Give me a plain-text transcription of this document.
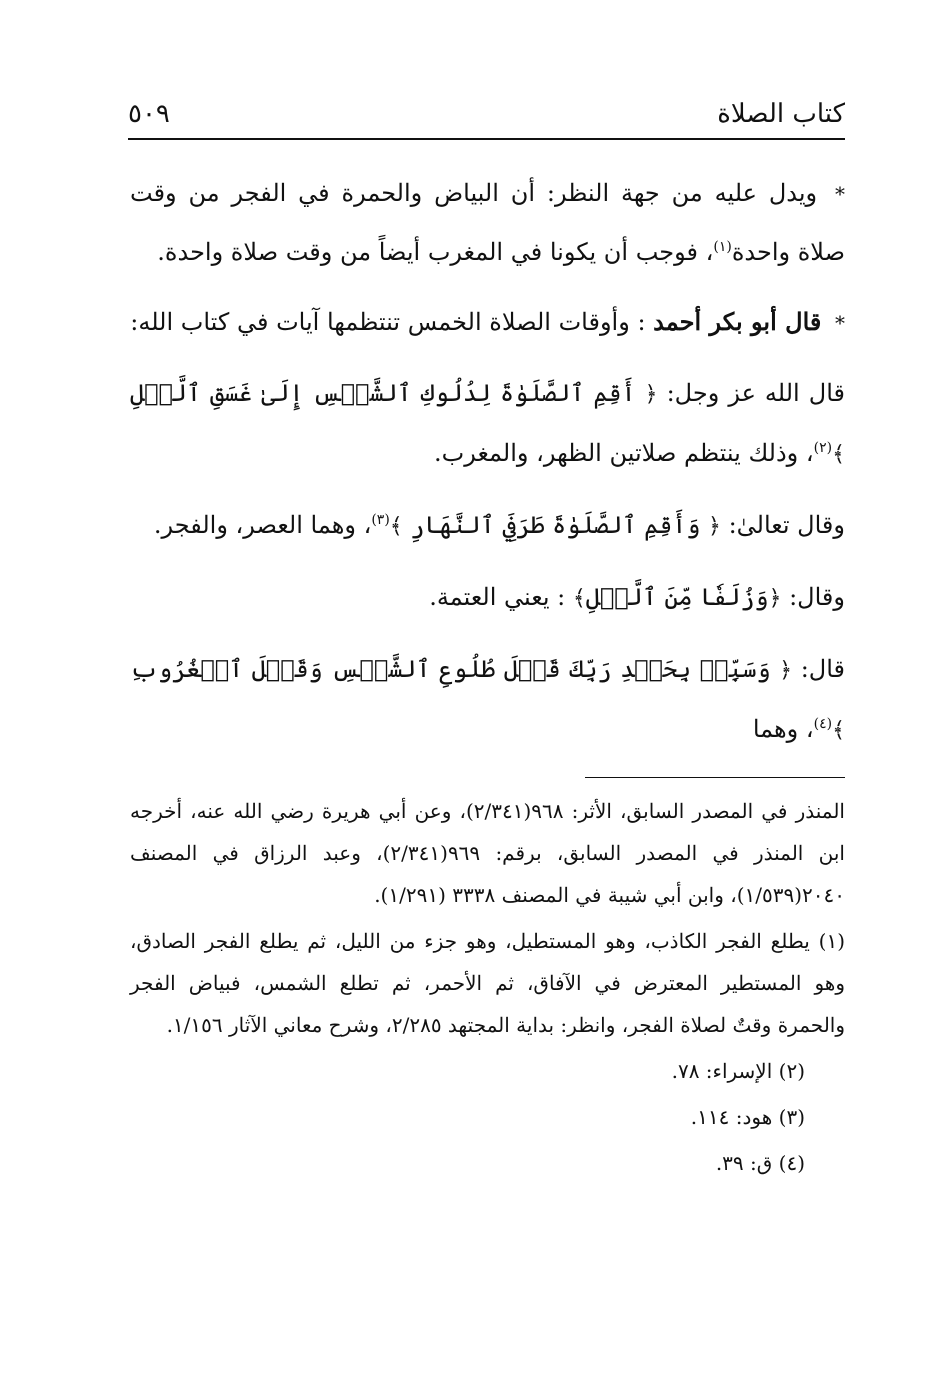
كتاب الصلاة
٥٠٩

* ويدل عليه من جهة النظر: أن البياض والحمرة في الفجر من وقت صلاة واحدة$^{(١)}$، فوجب أن يكونا في المغرب أيضاً من وقت صلاة واحدة.

* قال أبو بكر أحمد : وأوقات الصلاة الخمس تنتظمها آيات في كتاب الله:

قال الله عز وجل: ﴿ أَقِمِ ٱلصَّلَوٰةَ لِدُلُوكِ ٱلشَّمۡسِ إِلَىٰ غَسَقِ ٱلَّيۡلِ ﴾$^{(٢)}$، وذلك ينتظم صلاتين الظهر، والمغرب.

وقال تعالىٰ: ﴿ وَأَقِمِ ٱلصَّلَوٰةَ طَرَفَيِ ٱلنَّهَارِ ﴾$^{(٣)}$، وهما العصر، والفجر.

وقال: ﴿وَزُلَفٗا مِّنَ ٱلَّيۡلِ﴾ : يعني العتمة.

قال: ﴿ وَسَبِّحۡ بِحَمۡدِ رَبِّكَ قَبۡلَ طُلُوعِ ٱلشَّمۡسِ وَقَبۡلَ ٱلۡغُرُوبِ ﴾$^{(٤)}$، وهما

المنذر في المصدر السابق، الأثر: ٩٦٨(٢/٣٤١)، وعن أبي هريرة رضي الله عنه، أخرجه ابن المنذر في المصدر السابق، برقم: ٩٦٩(٢/٣٤١)، وعبد الرزاق في المصنف ٢٠٤٠(١/٥٣٩)، وابن أبي شيبة في المصنف ٣٣٣٨ (١/٢٩١).

(١) يطلع الفجر الكاذب، وهو المستطيل، وهو جزء من الليل، ثم يطلع الفجر الصادق، وهو المستطير المعترض في الآفاق، ثم الأحمر، ثم تطلع الشمس، فبياض الفجر والحمرة وقتٌ لصلاة الفجر، وانظر: بداية المجتهد ٢/٢٨٥، وشرح معاني الآثار ١/١٥٦.

(٢) الإسراء: ٧٨.

(٣) هود: ١١٤.

(٤) ق: ٣٩.
